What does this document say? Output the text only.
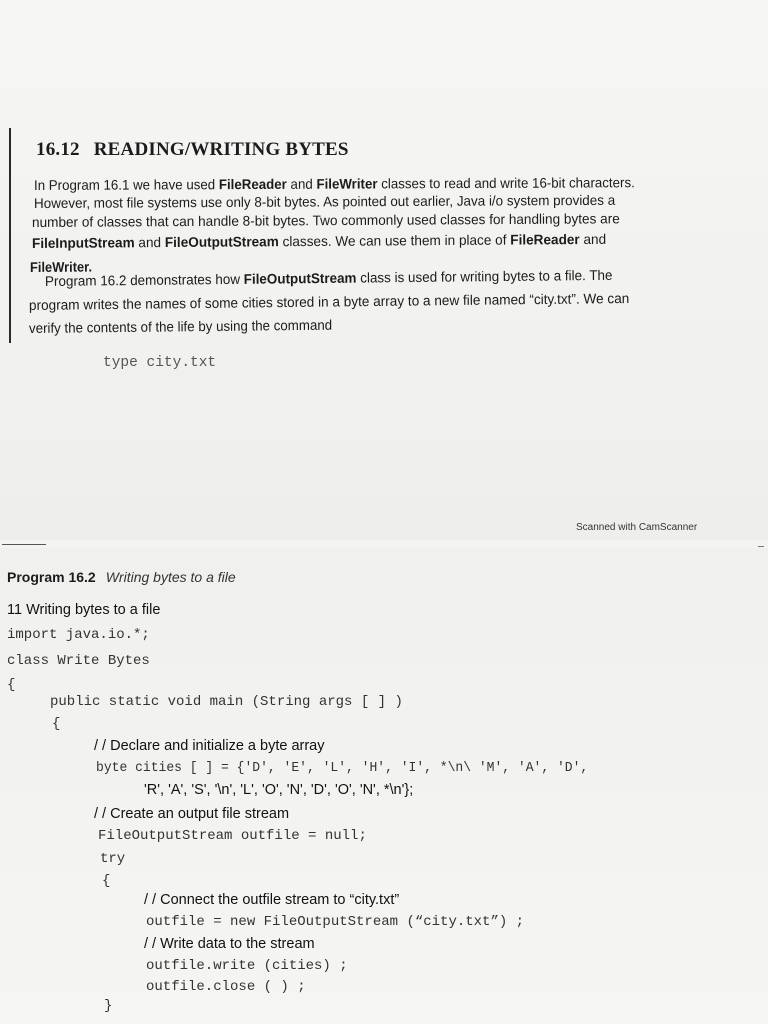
16.12 READING/WRITING BYTES
In Program 16.1 we have used FileReader and FileWriter classes to read and write 16-bit characters.
However, most file systems use only 8-bit bytes. As pointed out earlier, Java i/o system provides a
number of classes that can handle 8-bit bytes. Two commonly used classes for handling bytes are
FileInputStream and FileOutputStream classes. We can use them in place of FileReader and
FileWriter.
Program 16.2 demonstrates how FileOutputStream class is used for writing bytes to a file. The
program writes the names of some cities stored in a byte array to a new file named “city.txt”. We can
verify the contents of the life by using the command
type city.txt
Scanned with CamScanner
Program 16.2 Writing bytes to a file
11 Writing bytes to a file
import java.io.*;
class Write Bytes
{
public static void main (String args [ ] )
{
/ / Declare and initialize a byte array
byte cities [ ] = {'D', 'E', 'L', 'H', 'I', *\n\ 'M', 'A', 'D',
'R', 'A', 'S', '\n', 'L', 'O', 'N', 'D', 'O', 'N', *\n'};
/ / Create an output file stream
FileOutputStream outfile = null;
try
{
/ / Connect the outfile stream to “city.txt”
outfile = new FileOutputStream (“city.txt”) ;
/ / Write data to the stream
outfile.write (cities) ;
outfile.close ( ) ;
}
